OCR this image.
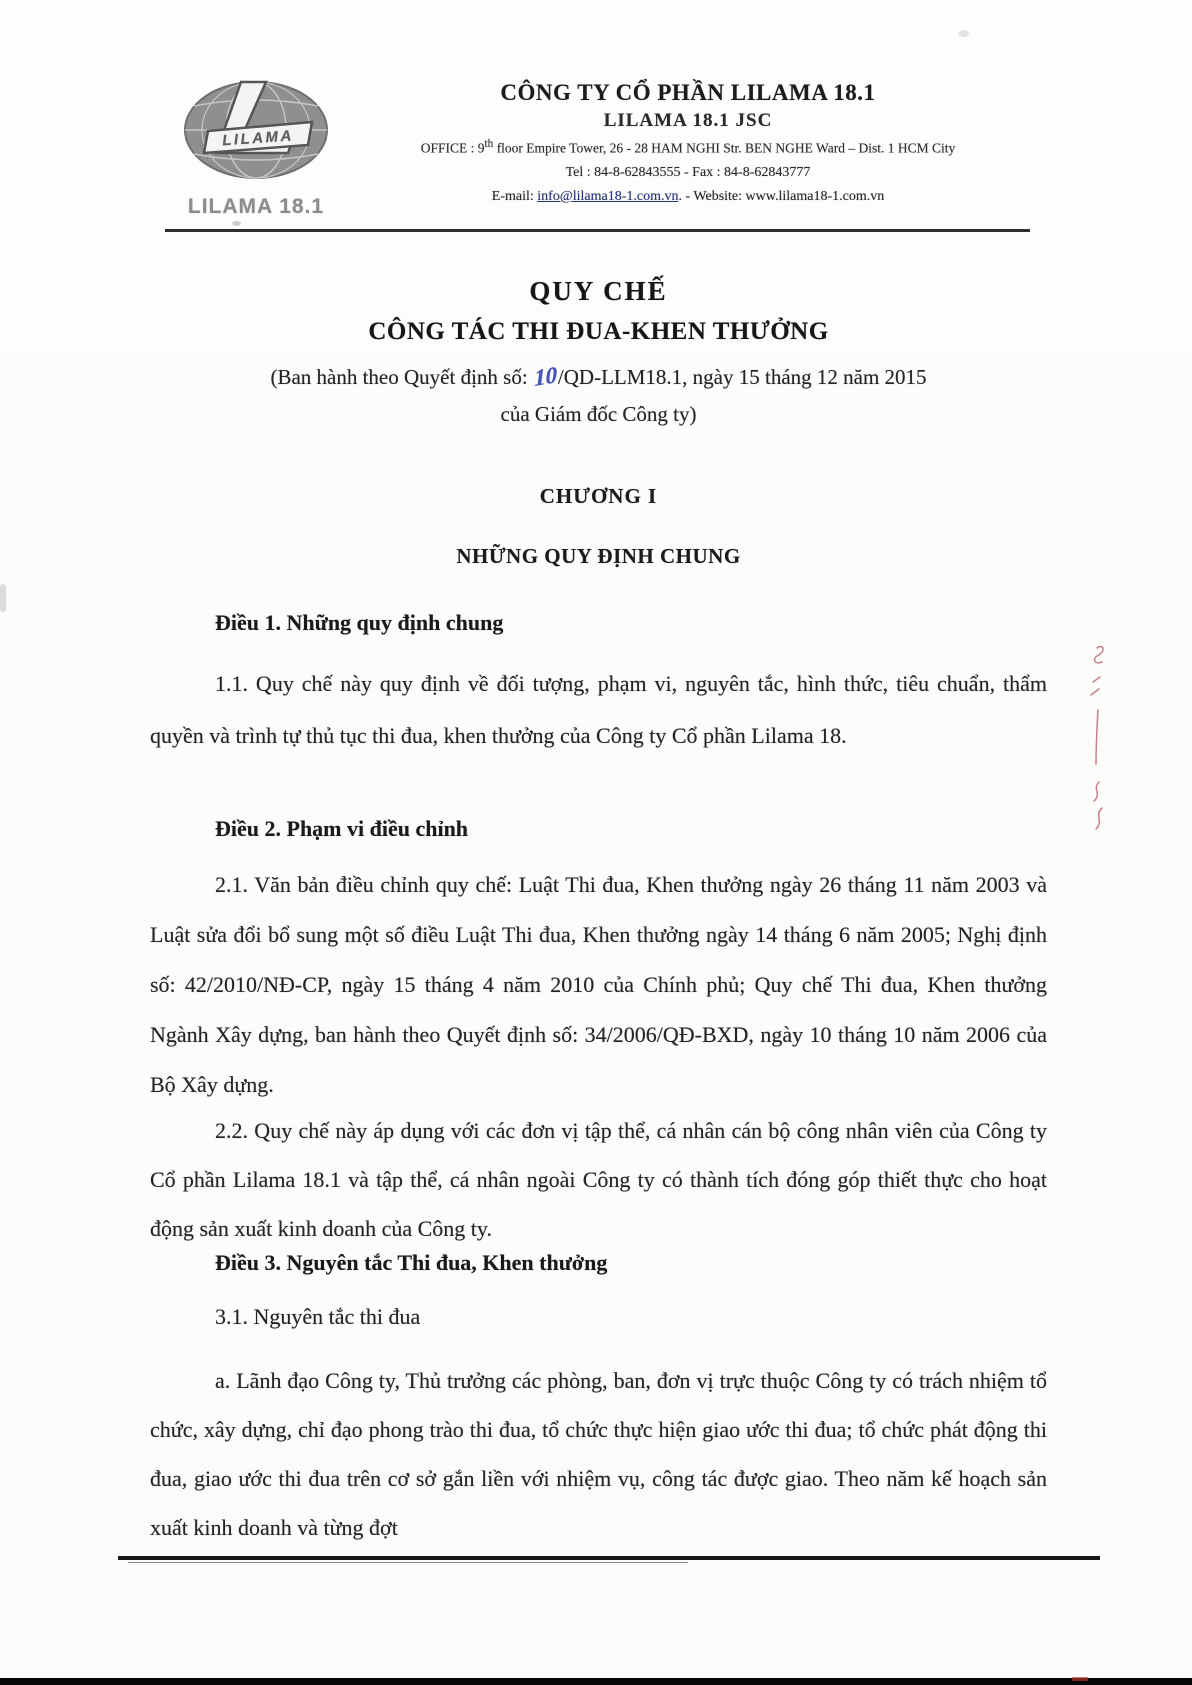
LILAMA
LILAMA 18.1
CÔNG TY CỔ PHẦN LILAMA 18.1
LILAMA 18.1 JSC
OFFICE : 9th floor Empire Tower, 26 - 28 HAM NGHI Str. BEN NGHE Ward – Dist. 1 HCM City
Tel : 84-8-62843555 - Fax : 84-8-62843777
E-mail: info@lilama18-1.com.vn. - Website: www.lilama18-1.com.vn
QUY CHẾ
CÔNG TÁC THI ĐUA-KHEN THƯỞNG
(Ban hành theo Quyết định số: 10/QD-LLM18.1, ngày 15 tháng 12 năm 2015
của Giám đốc Công ty)
CHƯƠNG I
NHỮNG QUY ĐỊNH CHUNG
Điều 1. Những quy định chung
1.1. Quy chế này quy định về đối tượng, phạm vi, nguyên tắc, hình thức, tiêu chuẩn, thẩm quyền và trình tự thủ tục thi đua, khen thưởng của Công ty Cổ phần Lilama 18.
Điều 2. Phạm vi điều chỉnh
2.1. Văn bản điều chỉnh quy chế: Luật Thi đua, Khen thưởng ngày 26 tháng 11 năm 2003 và Luật sửa đổi bổ sung một số điều Luật Thi đua, Khen thưởng ngày 14 tháng 6 năm 2005; Nghị định số: 42/2010/NĐ-CP, ngày 15 tháng 4 năm 2010 của Chính phủ; Quy chế Thi đua, Khen thưởng Ngành Xây dựng, ban hành theo Quyết định số: 34/2006/QĐ-BXD, ngày 10 tháng 10 năm 2006 của Bộ Xây dựng.
2.2. Quy chế này áp dụng với các đơn vị tập thể, cá nhân cán bộ công nhân viên của Công ty Cổ phần Lilama 18.1 và tập thể, cá nhân ngoài Công ty có thành tích đóng góp thiết thực cho hoạt động sản xuất kinh doanh của Công ty.
Điều 3. Nguyên tắc Thi đua, Khen thưởng
3.1. Nguyên tắc thi đua
a. Lãnh đạo Công ty, Thủ trưởng các phòng, ban, đơn vị trực thuộc Công ty có trách nhiệm tổ chức, xây dựng, chỉ đạo phong trào thi đua, tổ chức thực hiện giao ước thi đua; tổ chức phát động thi đua, giao ước thi đua trên cơ sở gắn liền với nhiệm vụ, công tác được giao. Theo năm kế hoạch sản xuất kinh doanh và từng đợt
